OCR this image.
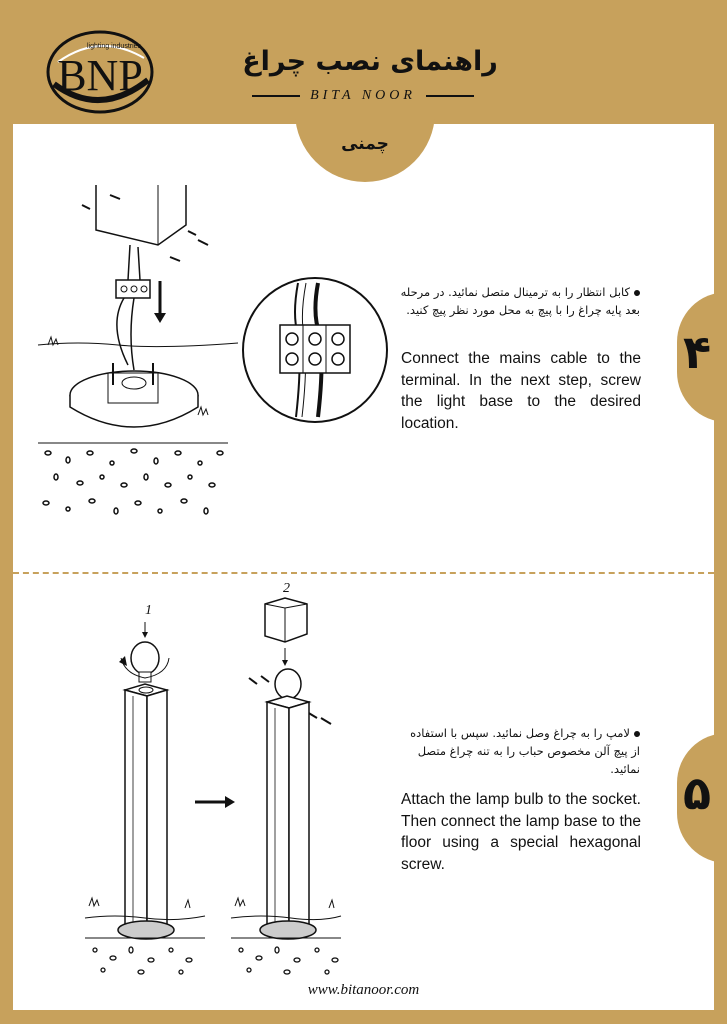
BNP
lighting industries	راهنمای نصب چراغ
BITA NOOR
چمنی
کابل انتظار را به ترمینال متصل نمائید. در مرحله بعد پایه چراغ را با پیچ به محل مورد نظر پیچ کنید.
Connect the mains cable to the terminal. In the next step, screw the light base to the desired location.
۴
1
2
لامپ را به چراغ وصل نمائید. سپس با استفاده از پیچ آلن مخصوص حباب را به تنه چراغ متصل نمائید.
Attach the lamp bulb to the socket. Then connect the lamp base to the floor using a special hexagonal screw.
۵
www.bitanoor.com
